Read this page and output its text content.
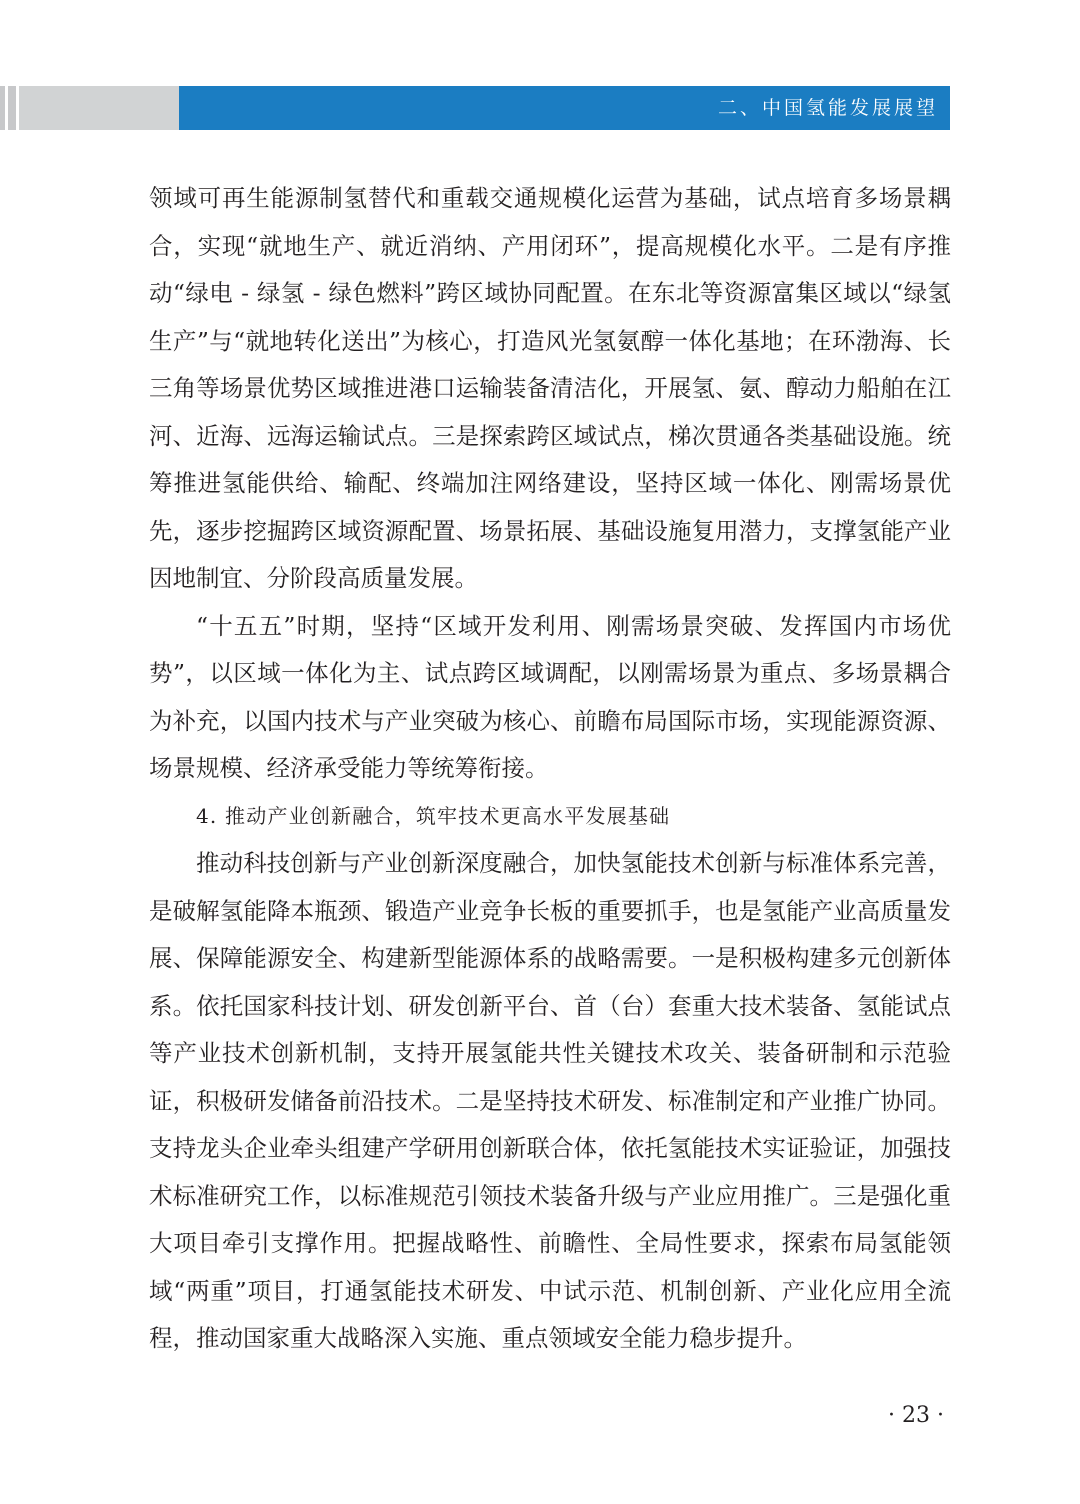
二、中国氢能发展展望

领域可再生能源制氢替代和重载交通规模化运营为基础，试点培育多场景耦合，实现“就地生产、就近消纳、产用闭环”，提高规模化水平。二是有序推动“绿电 - 绿氢 - 绿色燃料”跨区域协同配置。在东北等资源富集区域以“绿氢生产”与“就地转化送出”为核心，打造风光氢氨醇一体化基地；在环渤海、长三角等场景优势区域推进港口运输装备清洁化，开展氢、氨、醇动力船舶在江河、近海、远海运输试点。三是探索跨区域试点，梯次贯通各类基础设施。统筹推进氢能供给、输配、终端加注网络建设，坚持区域一体化、刚需场景优先，逐步挖掘跨区域资源配置、场景拓展、基础设施复用潜力，支撑氢能产业因地制宜、分阶段高质量发展。

“十五五”时期，坚持“区域开发利用、刚需场景突破、发挥国内市场优势”，以区域一体化为主、试点跨区域调配，以刚需场景为重点、多场景耦合为补充，以国内技术与产业突破为核心、前瞻布局国际市场，实现能源资源、场景规模、经济承受能力等统筹衔接。

4. 推动产业创新融合，筑牢技术更高水平发展基础

推动科技创新与产业创新深度融合，加快氢能技术创新与标准体系完善，是破解氢能降本瓶颈、锻造产业竞争长板的重要抓手，也是氢能产业高质量发展、保障能源安全、构建新型能源体系的战略需要。一是积极构建多元创新体系。依托国家科技计划、研发创新平台、首（台）套重大技术装备、氢能试点等产业技术创新机制，支持开展氢能共性关键技术攻关、装备研制和示范验证，积极研发储备前沿技术。二是坚持技术研发、标准制定和产业推广协同。支持龙头企业牵头组建产学研用创新联合体，依托氢能技术实证验证，加强技术标准研究工作，以标准规范引领技术装备升级与产业应用推广。三是强化重大项目牵引支撑作用。把握战略性、前瞻性、全局性要求，探索布局氢能领域“两重”项目，打通氢能技术研发、中试示范、机制创新、产业化应用全流程，推动国家重大战略深入实施、重点领域安全能力稳步提升。

· 23 ·
